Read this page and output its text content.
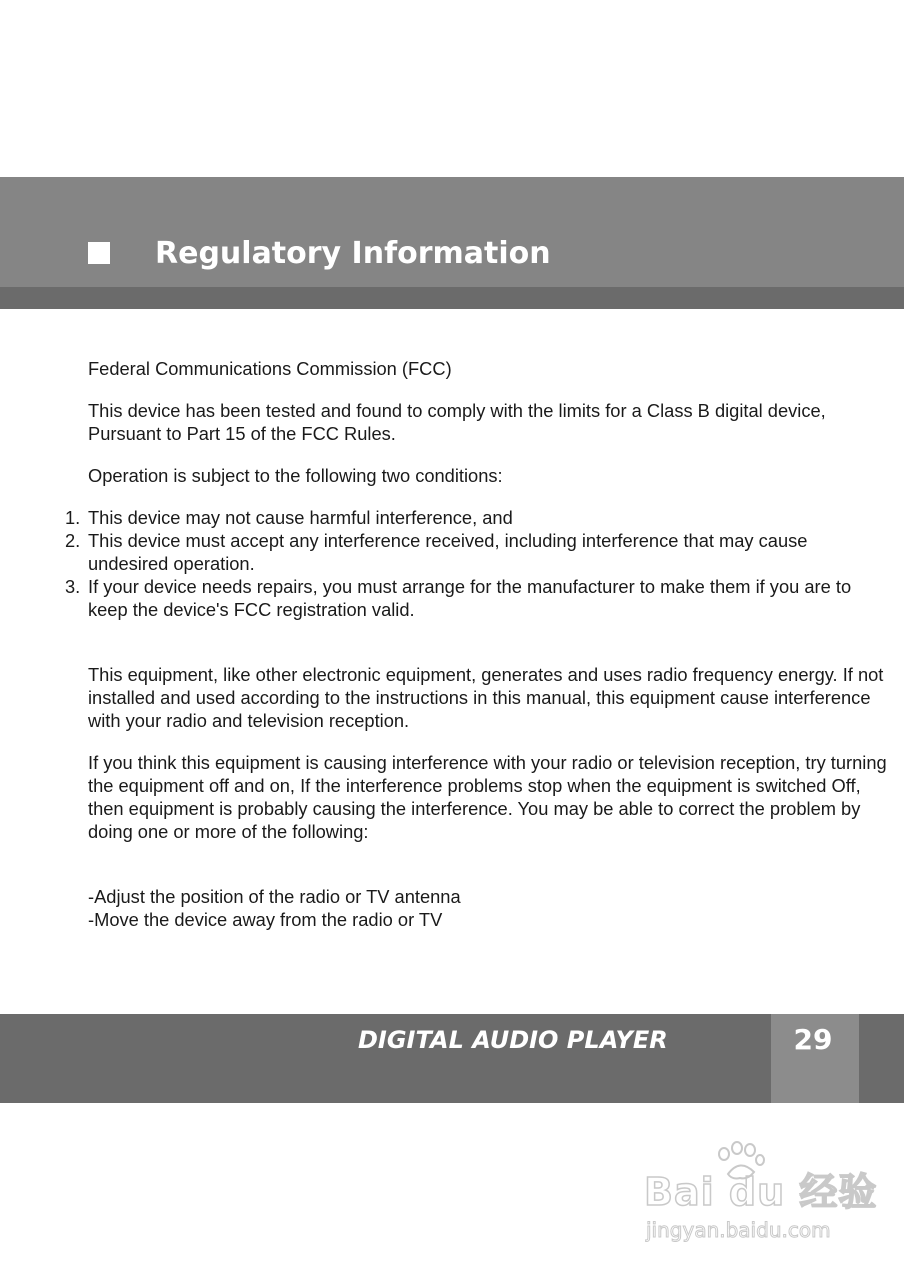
Regulatory Information

Federal Communications Commission (FCC)

This device has been tested and found to comply with the limits for a Class B digital device, Pursuant to Part 15 of the FCC Rules.

Operation is subject to the following two conditions:

1. This device may not cause harmful interference, and
2. This device must accept any interference received, including interference that may cause undesired operation.
3. If your device needs repairs, you must arrange for the manufacturer to make them if you are to keep the device's FCC registration valid.

This equipment, like other electronic equipment, generates and uses radio frequency energy. If not installed and used according to the instructions in this manual, this equipment cause interference with your radio and television reception.

If you think this equipment is causing interference with your radio or television reception, try turning the equipment off and on, If the interference problems stop when the equipment is switched Off, then equipment is probably causing the interference. You may be able to correct the problem by doing one or more of the following:

-Adjust the position of the radio or TV antenna

-Move the device away from the radio or TV

DIGITAL AUDIO PLAYER	29
Bai du 经验
jingyan.baidu.com
